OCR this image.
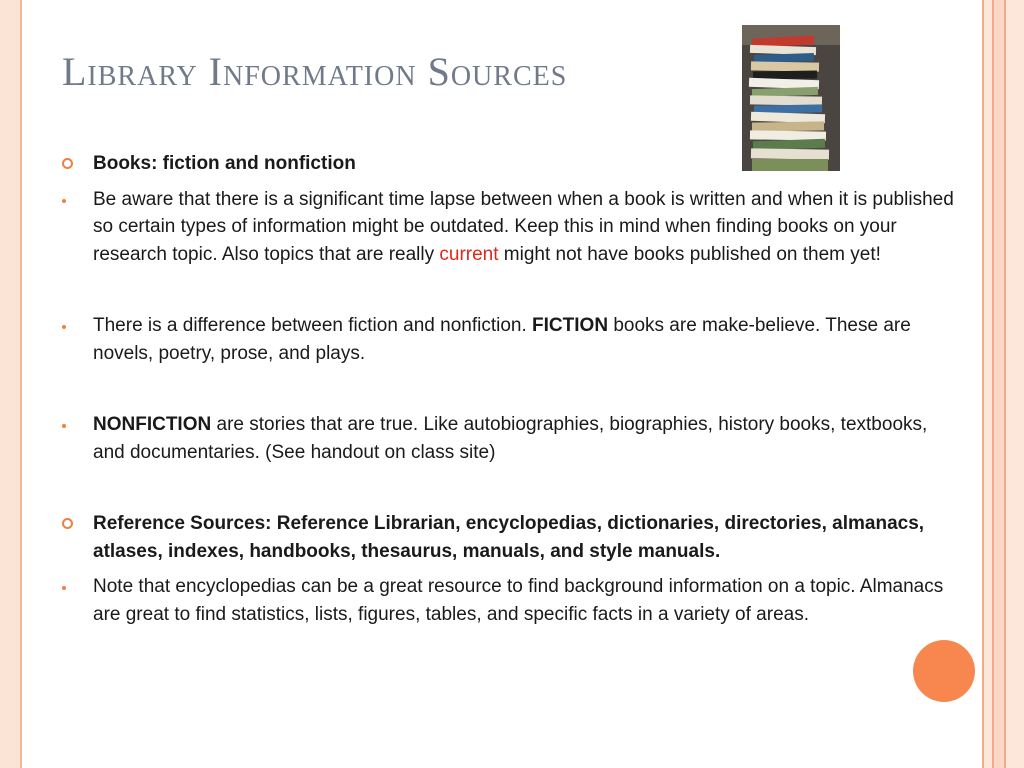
Library Information Sources
Books: fiction and nonfiction
Be aware that there is a significant time lapse between when a book is written and when it is published so certain types of information might be outdated. Keep this in mind when finding books on your research topic. Also topics that are really current might not have books published on them yet!
There is a difference between fiction and nonfiction. FICTION books are make-believe. These are novels, poetry, prose, and plays.
NONFICTION are stories that are true. Like autobiographies, biographies, history books, textbooks, and documentaries. (See handout on class site)
Reference Sources: Reference Librarian, encyclopedias, dictionaries, directories, almanacs, atlases, indexes, handbooks, thesaurus, manuals, and style manuals.
Note that encyclopedias can be a great resource to find background information on a topic. Almanacs are great to find statistics, lists, figures, tables, and specific facts in a variety of areas.
